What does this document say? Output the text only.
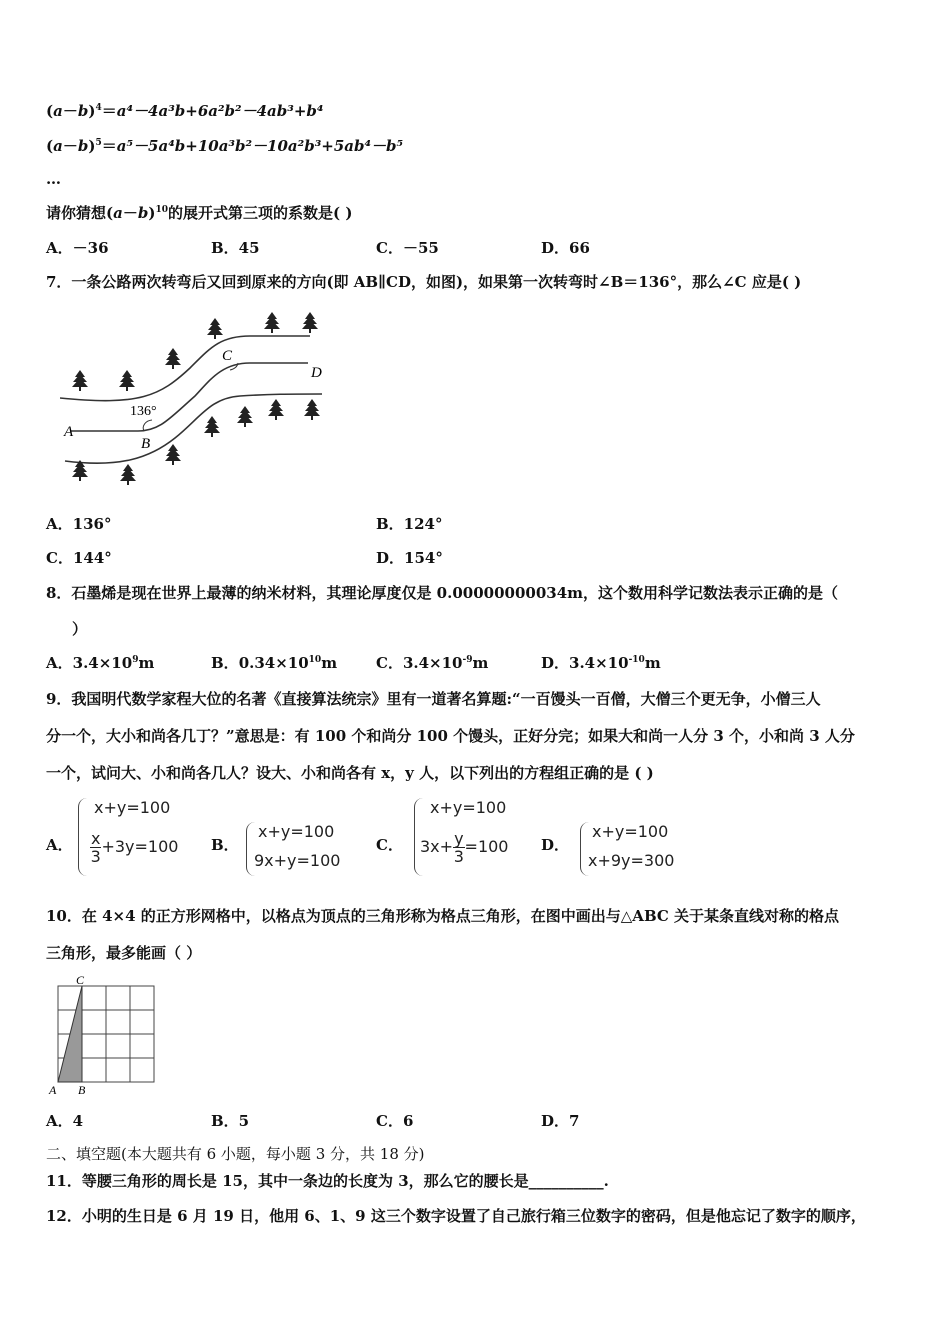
$(a-b)^4=a^4-4a^3b+6a^2b^2-4ab^3+b^4$
$(a-b)^5=a^5-5a^4b+10a^3b^2-10a^2b^3+5ab^4-b^5$
…
请你猜想$(a-b)^{10}$的展开式第三项的系数是( )
A．－36	B．45	C．－55	D．66
7．一条公路两次转弯后又回到原来的方向(即 AB∥CD，如图)，如果第一次转弯时∠B＝136°，那么∠C 应是( )
A
B
C
D
136°
A．136°	B．124°
C．144°	D．154°
8．石墨烯是现在世界上最薄的纳米材料，其理论厚度仅是 0.00000000034m，这个数用科学记数法表示正确的是（
）
A．$3.4\times 10^9m$	B．$0.34\times 10^{10}m$	C．$3.4\times 10^{-9}m$	D．$3.4\times 10^{-10}m$
9．我国明代数学家程大位的名著《直接算法统宗》里有一道著名算题:“一百馒头一百僧，大僧三个更无争，小僧三人
分一个，大小和尚各几丁？”意思是：有 100 个和尚分 100 个馒头，正好分完；如果大和尚一人分 3 个，小和尚 3 人分
一个，试问大、小和尚各几人？设大、小和尚各有 x，y 人，以下列出的方程组正确的是 ( )
A．
x+y=100
$\frac{x}{3} +3y=100$ B．
x+y=100
9x+y=100
C．
x+y=100
$3x+ \frac{y}{3} =100$ D．
x+y=100
x+9y=300
10．在 4×4 的正方形网格中，以格点为顶点的三角形称为格点三角形，在图中画出与△ABC 关于某条直线对称的格点
三角形，最多能画（ ）
A B
C
A．4	B．5	C．6	D．7
二、填空题(本大题共有 6 小题，每小题 3 分，共 18 分)
11．等腰三角形的周长是 15，其中一条边的长度为 3，那么它的腰长是__________.
12．小明的生日是 6 月 19 日，他用 6、1、9 这三个数字设置了自己旅行箱三位数字的密码，但是他忘记了数字的顺序，
